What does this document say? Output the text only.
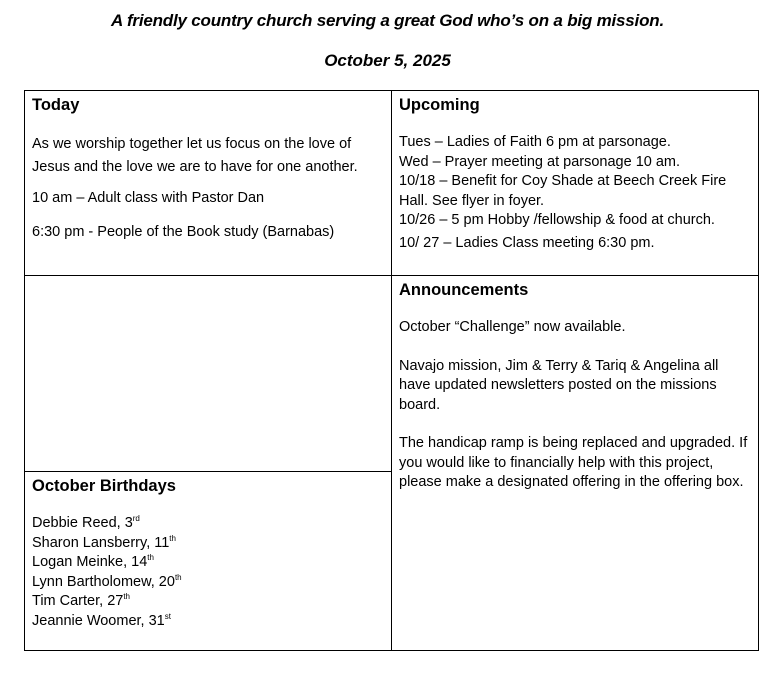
A friendly country church serving a great God who’s on a big mission.
October 5, 2025
Today

As we worship together let us focus on the love of Jesus and the love we are to have for one another.

10 am – Adult class with Pastor Dan

6:30 pm - People of the Book study (Barnabas)

Upcoming

Tues – Ladies of Faith 6 pm at parsonage.

Wed – Prayer meeting at parsonage 10 am.

10/18 – Benefit for Coy Shade at Beech Creek Fire Hall. See flyer in foyer.

10/26 – 5 pm Hobby /fellowship & food at church.

10/ 27 – Ladies Class meeting 6:30 pm.

Announcements

October “Challenge” now available.

Navajo mission, Jim & Terry & Tariq & Angelina all have updated newsletters posted on the missions board.

The handicap ramp is being replaced and upgraded. If you would like to financially help with this project, please make a designated offering in the offering box.

October Birthdays

Debbie Reed, 3rd

Sharon Lansberry, 11th

Logan Meinke, 14th

Lynn Bartholomew, 20th

Tim Carter, 27th

Jeannie Woomer, 31st
